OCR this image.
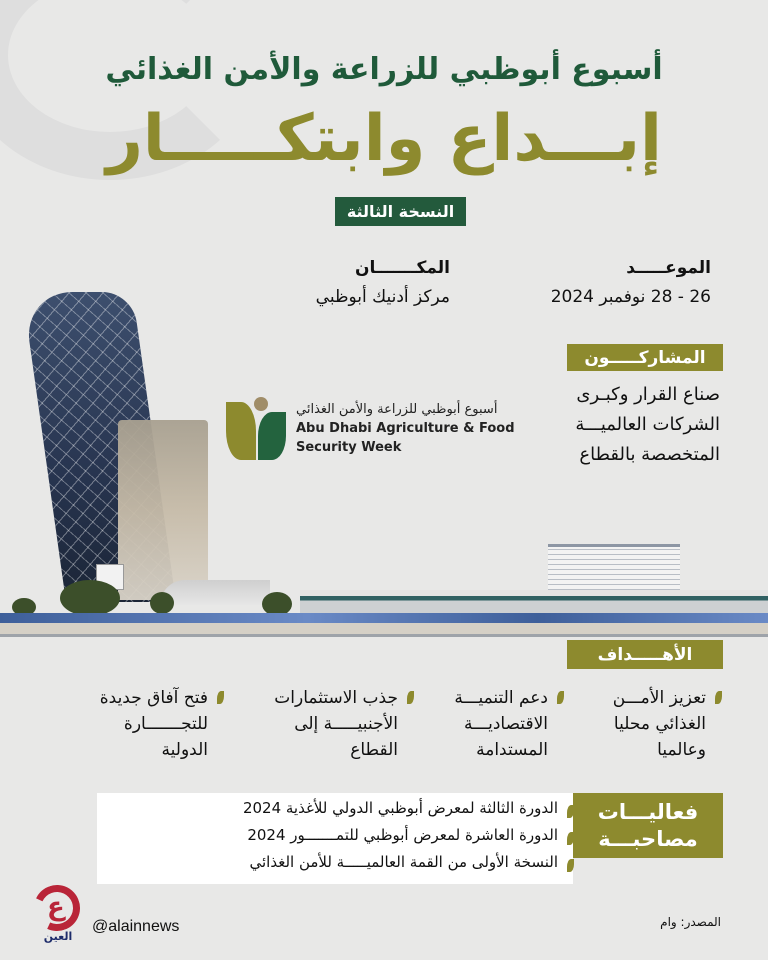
أسبوع أبوظبي للزراعة والأمن الغذائي
إبـــداع وابتكـــــار
النسخة الثالثة
الموعـــــد
26 - 28 نوفمبر 2024
المكـــــــان
مركز أدنيك أبوظبي
المشاركـــــون
صناع القرار وكبـرى
الشركات العالميـــة
المتخصصة بالقطاع
أسبوع أبوظبي للزراعة والأمن الغذائي
Abu Dhabi Agriculture & Food
Security Week
الأهـــــداف
تعزيز الأمـــن
الغذائي محليا
وعالميا
دعم التنميـــة
الاقتصاديـــة
المستدامة
جذب الاستثمارات
الأجنبيـــــة إلى
القطاع
فتح آفاق جديدة
للتجـــــــارة
الدولية
الدورة الثالثة لمعرض أبوظبي الدولي للأغذية 2024
الدورة العاشرة لمعرض أبوظبي للتمـــــــور 2024
النسخة الأولى من القمة العالميـــــة للأمن الغذائي
فعاليـــات
مصاحبـــة
ع
العين
@alainnews	المصدر: وام
